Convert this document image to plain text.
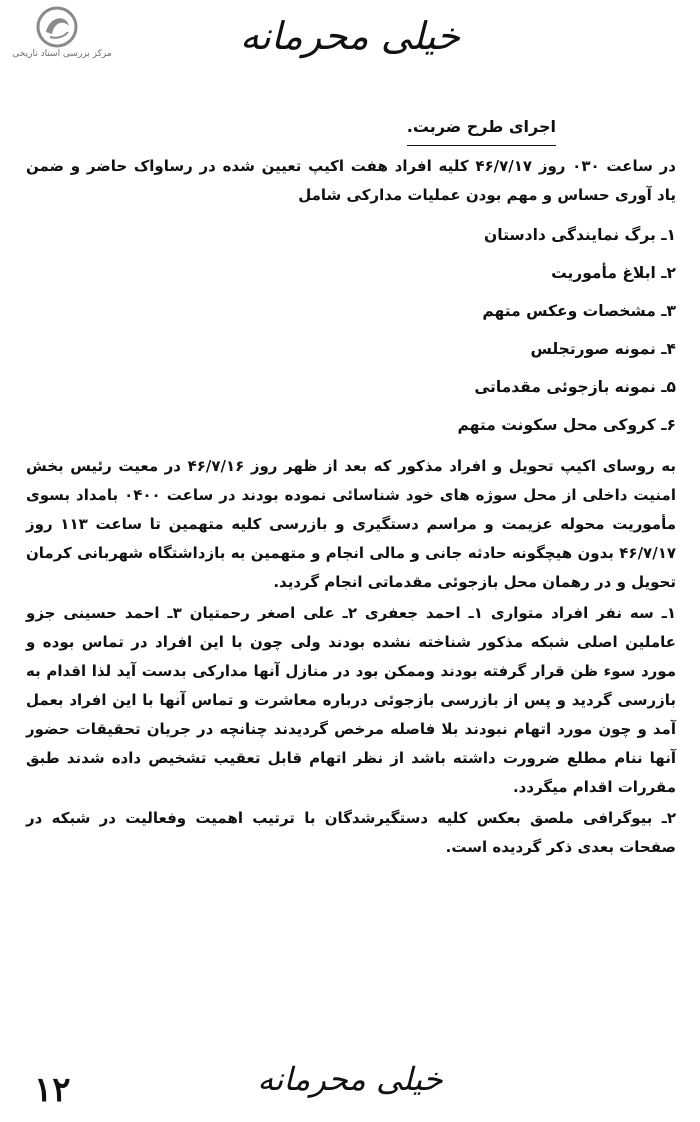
مرکز بررسی اسناد تاریخی	خیلی محرمانه
اجرای طرح ضربت.

در ساعت ۰۳۰ روز ۴۶/۷/۱۷ کلیه افراد هفت اکیپ تعیین شده در رساواک حاضر و ضمن یاد آوری حساس و مهم بودن عملیات مدارکی شامل

۱ـ برگ نمایندگی دادستان
۲ـ ابلاغ مأموریت
۳ـ مشخصات وعکس متهم
۴ـ نمونه صورتجلس
۵ـ نمونه بازجوئی مقدماتی
۶ـ کروکی محل سکونت متهم

به روسای اکیپ تحویل و افراد مذکور که بعد از ظهر روز ۴۶/۷/۱۶ در معیت رئیس بخش امنیت داخلی از محل سوژه های خود شناسائی نموده بودند در ساعت ۰۴۰۰ بامداد بسوی مأموریت محوله عزیمت و مراسم دستگیری و بازرسی کلیه متهمین تا ساعت ۱۱۳ روز ۴۶/۷/۱۷ بدون هیچگونه حادثه جانی و مالی انجام و متهمین به بازداشتگاه شهربانی کرمان تحویل و در رهمان محل بازجوئی مقدماتی انجام گردید.

۱ـ سه نفر افراد متواری ۱ـ احمد جعفری ۲ـ علی اصغر رحمتیان ۳ـ احمد حسینی جزو عاملین اصلی شبکه مذکور شناخته نشده بودند ولی چون با این افراد در تماس بوده و مورد سوء ظن قرار گرفته بودند وممکن بود در منازل آنها مدارکی بدست آید لذا اقدام به بازرسی گردید و پس از بازرسی بازجوئی درباره معاشرت و تماس آنها با این افراد بعمل آمد و چون مورد اتهام نبودند بلا فاصله مرخص گردیدند چنانچه در جریان تحقیقات حضور آنها ننام مطلع ضرورت داشته باشد از نظر اتهام قابل تعقیب تشخیص داده شدند طبق مقررات اقدام میگردد.

۲ـ بیوگرافی ملصق بعکس کلیه دستگیرشدگان با ترتیب اهمیت وفعالیت در شبکه در صفحات بعدی ذکر گردیده است.

خیلی محرمانه
۱۲
